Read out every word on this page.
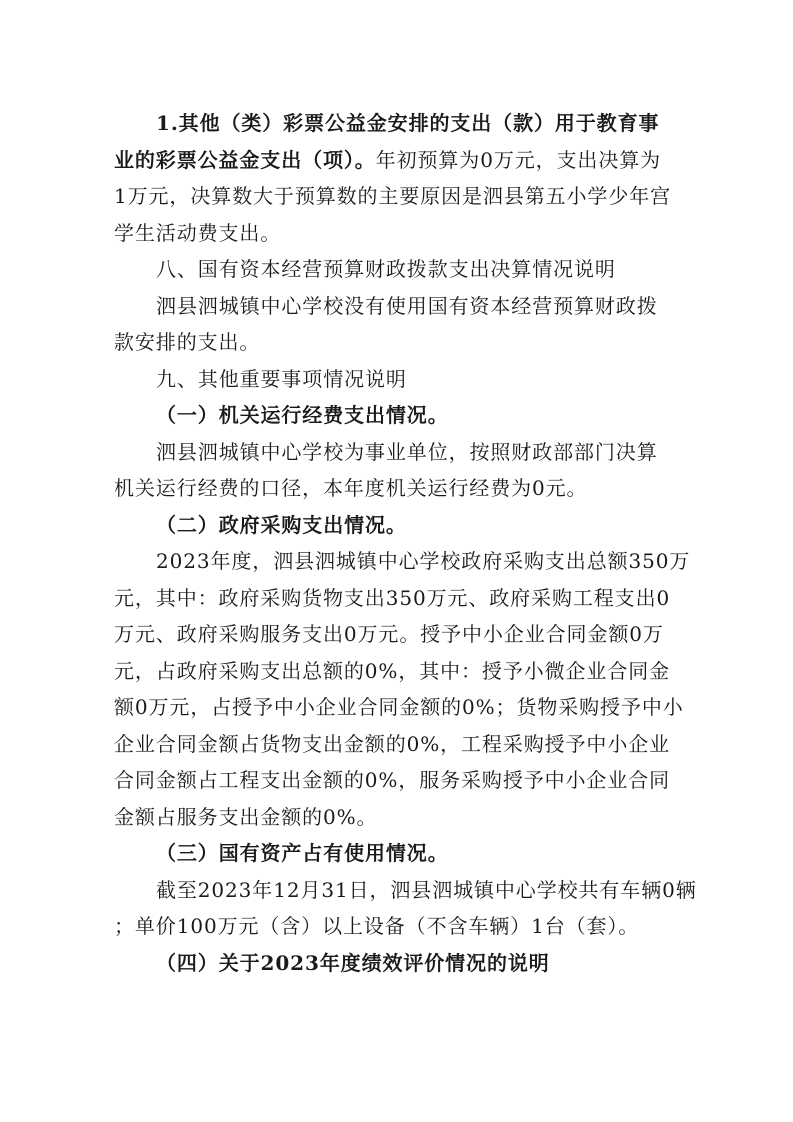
1.其他（类）彩票公益金安排的支出（款）用于教育事

业的彩票公益金支出（项）。年初预算为0万元，支出决算为

1万元，决算数大于预算数的主要原因是泗县第五小学少年宫

学生活动费支出。

八、国有资本经营预算财政拨款支出决算情况说明

泗县泗城镇中心学校没有使用国有资本经营预算财政拨

款安排的支出。

九、其他重要事项情况说明

（一）机关运行经费支出情况。

泗县泗城镇中心学校为事业单位，按照财政部部门决算

机关运行经费的口径，本年度机关运行经费为0元。

（二）政府采购支出情况。

2023年度，泗县泗城镇中心学校政府采购支出总额350万

元，其中：政府采购货物支出350万元、政府采购工程支出0

万元、政府采购服务支出0万元。授予中小企业合同金额0万

元，占政府采购支出总额的0%，其中：授予小微企业合同金

额0万元，占授予中小企业合同金额的0%；货物采购授予中小

企业合同金额占货物支出金额的0%，工程采购授予中小企业

合同金额占工程支出金额的0%，服务采购授予中小企业合同

金额占服务支出金额的0%。

（三）国有资产占有使用情况。

截至2023年12月31日，泗县泗城镇中心学校共有车辆0辆

；单价100万元（含）以上设备（不含车辆）1台（套）。

（四）关于2023年度绩效评价情况的说明
